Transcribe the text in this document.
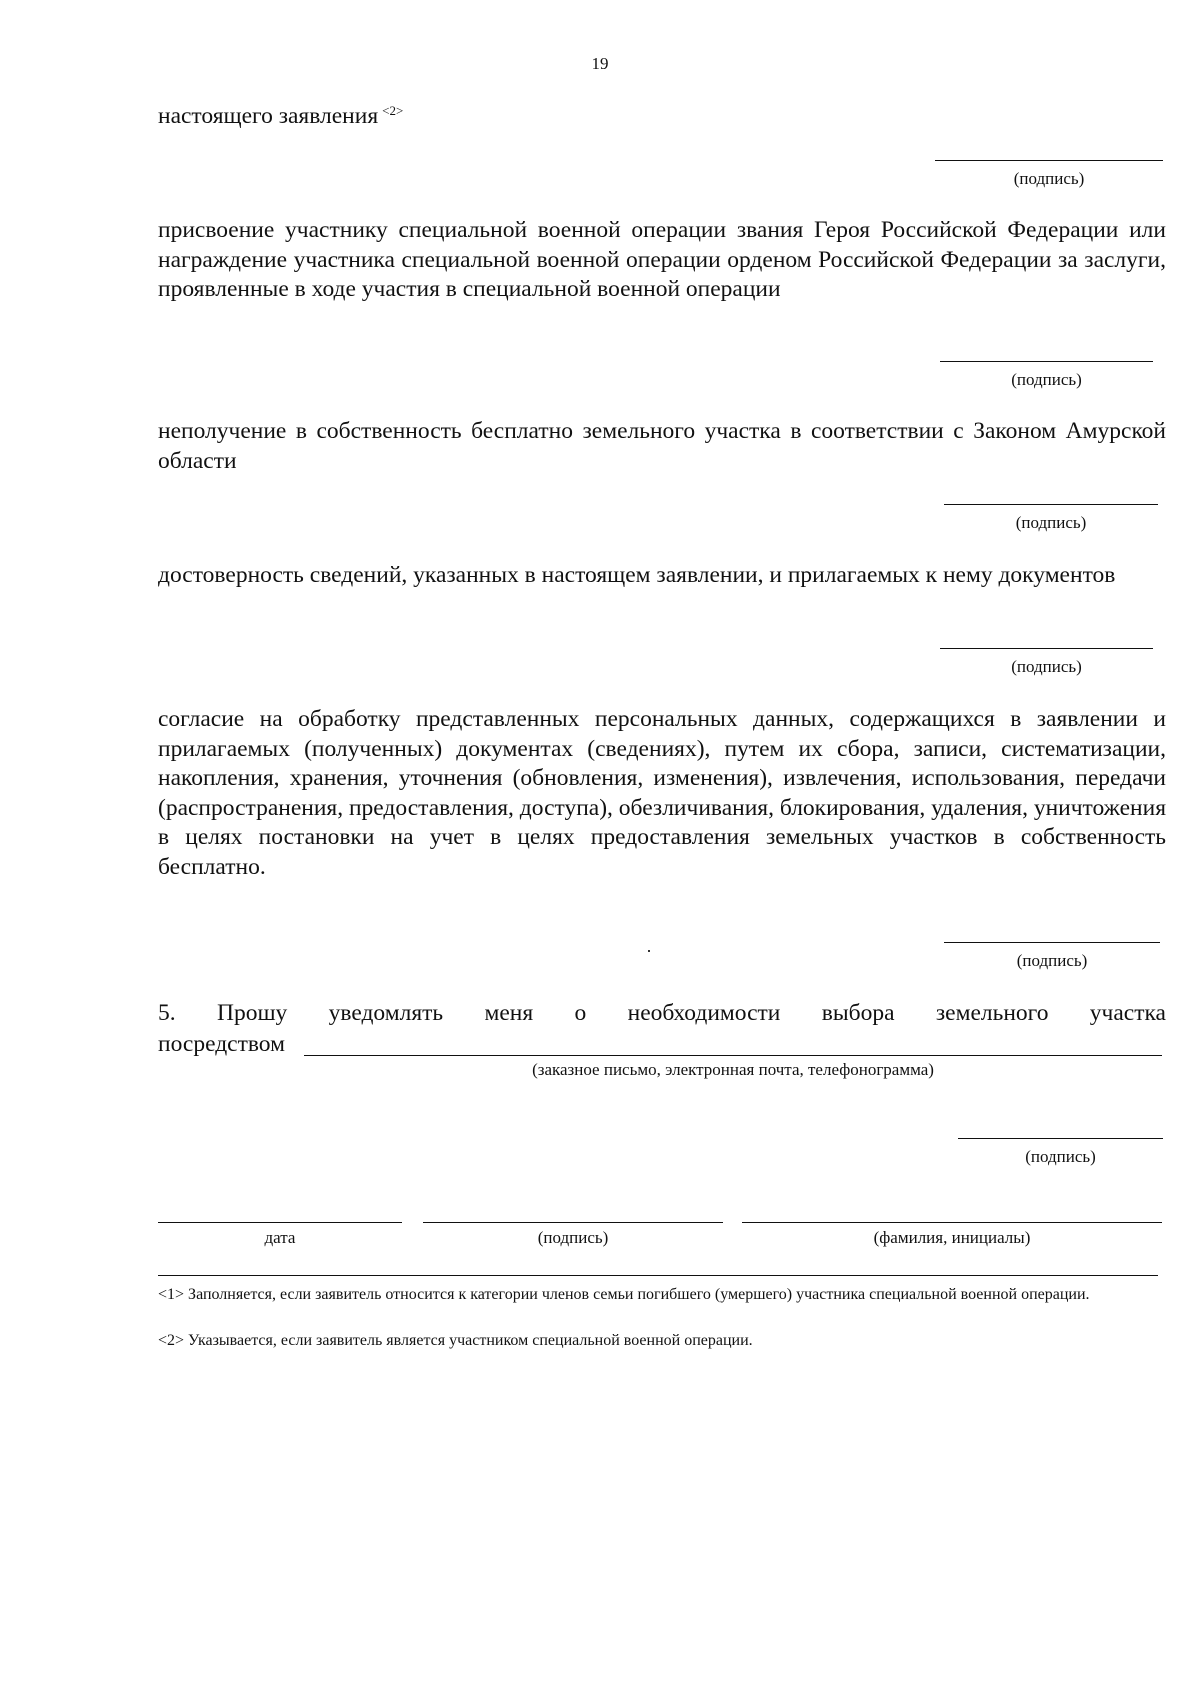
19
настоящего заявления $^{<2>}$
(подпись)
присвоение участнику специальной военной операции звания Героя Российской Федерации или награждение участника специальной военной операции орденом Российской Федерации за заслуги, проявленные в ходе участия в специальной военной операции
(подпись)
неполучение в собственность бесплатно земельного участка в соответствии с Законом Амурской области
(подпись)
достоверность сведений, указанных в настоящем заявлении, и прилагаемых к нему документов
(подпись)
согласие на обработку представленных персональных данных, содержащихся в заявлении и прилагаемых (полученных) документах (сведениях), путем их сбора, записи, систематизации, накопления, хранения, уточнения (обновления, изменения), извлечения, использования, передачи (распространения, предоставления, доступа), обезличивания, блокирования, удаления, уничтожения в целях постановки на учет в целях предоставления земельных участков в собственность бесплатно.
(подпись)
5. Прошу уведомлять меня о необходимости выбора земельного участка
посредством
(заказное письмо, электронная почта, телефонограмма)
(подпись)
дата	(подпись)	(фамилия, инициалы)
<1> Заполняется, если заявитель относится к категории членов семьи погибшего (умершего) участника специальной военной операции.
<2> Указывается, если заявитель является участником специальной военной операции.
